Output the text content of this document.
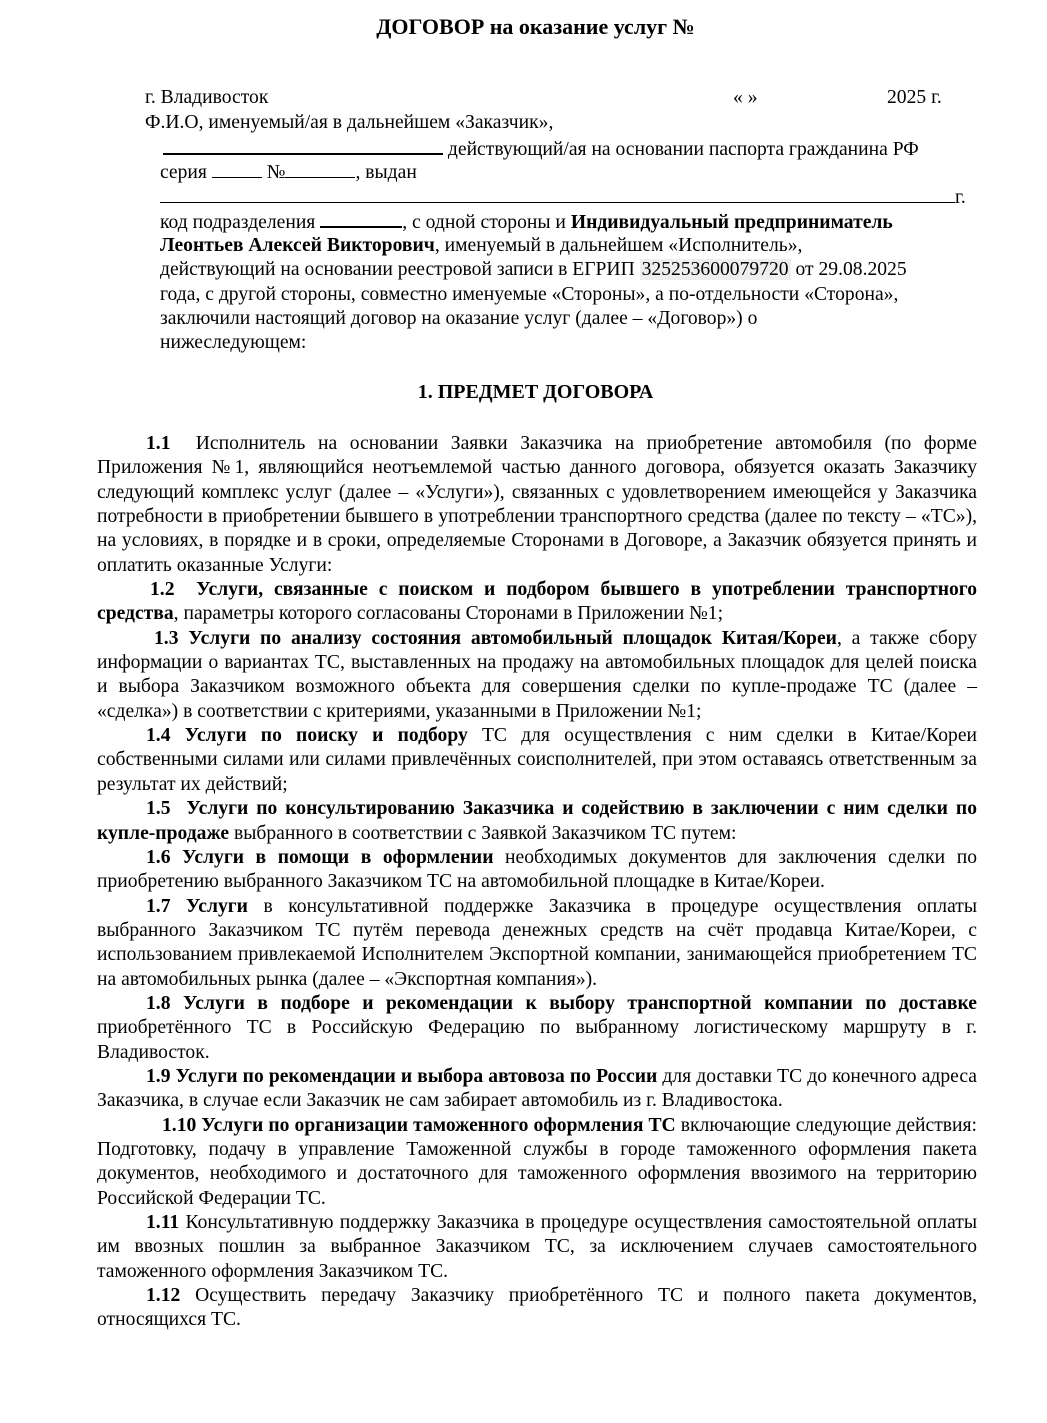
ДОГОВОР на оказание услуг №
г. Владивосток	« »	2025 г.
Ф.И.О, именуемый/ая в дальнейшем «Заказчик»,
действующий/ая на основании паспорта гражданина РФ
серия	№	, выдан
г.
код подразделения	, с одной стороны и Индивидуальный предприниматель
Леонтьев Алексей Викторович, именуемый в дальнейшем «Исполнитель»,
действующий на основании реестровой записи в ЕГРИП 325253600079720 от 29.08.2025
года, с другой стороны, совместно именуемые «Стороны», а по-отдельности «Сторона»,
заключили настоящий договор на оказание услуг (далее – «Договор») о
нижеследующем:
1. ПРЕДМЕТ ДОГОВОРА

1.1 Исполнитель на основании Заявки Заказчика на приобретение автомобиля (по форме Приложения №1, являющийся неотъемлемой частью данного договора, обязуется оказать Заказчику следующий комплекс услуг (далее – «Услуги»), связанных с удовлетворением имеющейся у Заказчика потребности в приобретении бывшего в употреблении транспортного средства (далее по тексту – «ТС»), на условиях, в порядке и в сроки, определяемые Сторонами в Договоре, а Заказчик обязуется принять и оплатить оказанные Услуги:

1.2 Услуги, связанные с поиском и подбором бывшего в употреблении транспортного средства, параметры которого согласованы Сторонами в Приложении №1;

1.3 Услуги по анализу состояния автомобильный площадок Китая/Кореи, а также сбору информации о вариантах ТС, выставленных на продажу на автомобильных площадок для целей поиска и выбора Заказчиком возможного объекта для совершения сделки по купле-продаже ТС (далее – «сделка») в соответствии с критериями, указанными в Приложении №1;

1.4 Услуги по поиску и подбору ТС для осуществления с ним сделки в Китае/Кореи собственными силами или силами привлечённых соисполнителей, при этом оставаясь ответственным за результат их действий;

1.5 Услуги по консультированию Заказчика и содействию в заключении с ним сделки по купле-продаже выбранного в соответствии с Заявкой Заказчиком ТС путем:

1.6 Услуги в помощи в оформлении необходимых документов для заключения сделки по приобретению выбранного Заказчиком ТС на автомобильной площадке в Китае/Кореи.

1.7 Услуги в консультативной поддержке Заказчика в процедуре осуществления оплаты выбранного Заказчиком ТС путём перевода денежных средств на счёт продавца Китае/Кореи, с использованием привлекаемой Исполнителем Экспортной компании, занимающейся приобретением ТС на автомобильных рынка (далее – «Экспортная компания»).

1.8 Услуги в подборе и рекомендации к выбору транспортной компании по доставке приобретённого ТС в Российскую Федерацию по выбранному логистическому маршруту в г. Владивосток.

1.9 Услуги по рекомендации и выбора автовоза по России для доставки ТС до конечного адреса Заказчика, в случае если Заказчик не сам забирает автомобиль из г. Владивостока.

1.10 Услуги по организации таможенного оформления ТС включающие следующие действия: Подготовку, подачу в управление Таможенной службы в городе таможенного оформления пакета документов, необходимого и достаточного для таможенного оформления ввозимого на территорию Российской Федерации ТС.

1.11 Консультативную поддержку Заказчика в процедуре осуществления самостоятельной оплаты им ввозных пошлин за выбранное Заказчиком ТС, за исключением случаев самостоятельного таможенного оформления Заказчиком ТС.

1.12 Осуществить передачу Заказчику приобретённого ТС и полного пакета документов, относящихся ТС.
